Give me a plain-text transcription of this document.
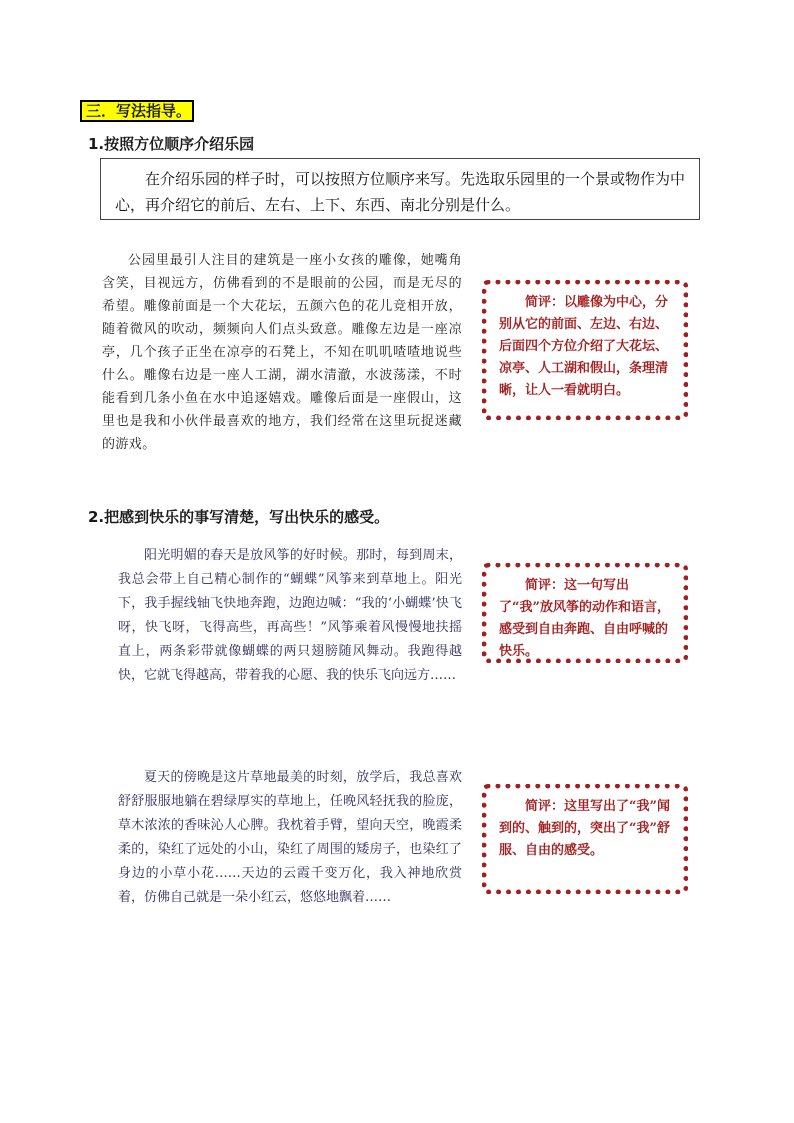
三．写法指导。
1.按照方位顺序介绍乐园
在介绍乐园的样子时，可以按照方位顺序来写。先选取乐园里的一个景或物作为中心，再介绍它的前后、左右、上下、东西、南北分别是什么。
公园里最引人注目的建筑是一座小女孩的雕像，她嘴角含笑，目视远方，仿佛看到的不是眼前的公园，而是无尽的希望。雕像前面是一个大花坛，五颜六色的花儿竞相开放，随着微风的吹动，频频向人们点头致意。雕像左边是一座凉亭，几个孩子正坐在凉亭的石凳上，不知在叽叽喳喳地说些什么。雕像右边是一座人工湖，湖水清澈，水波荡漾，不时能看到几条小鱼在水中追逐嬉戏。雕像后面是一座假山，这里也是我和小伙伴最喜欢的地方，我们经常在这里玩捉迷藏的游戏。
简评：以雕像为中心，分别从它的前面、左边、右边、后面四个方位介绍了大花坛、凉亭、人工湖和假山，条理清晰，让人一看就明白。
2.把感到快乐的事写清楚，写出快乐的感受。
阳光明媚的春天是放风筝的好时候。那时，每到周末，我总会带上自己精心制作的“蝴蝶”风筝来到草地上。阳光下，我手握线轴飞快地奔跑，边跑边喊：“我的‘小蝴蝶’快飞呀，快飞呀，飞得高些，再高些！”风筝乘着风慢慢地扶摇直上，两条彩带就像蝴蝶的两只翅膀随风舞动。我跑得越快，它就飞得越高，带着我的心愿、我的快乐飞向远方……
简评：这一句写出了“我”放风筝的动作和语言，感受到自由奔跑、自由呼喊的快乐。
夏天的傍晚是这片草地最美的时刻，放学后，我总喜欢舒舒服服地躺在碧绿厚实的草地上，任晚风轻抚我的脸庞，草木浓浓的香味沁人心脾。我枕着手臂，望向天空，晚霞柔柔的，染红了远处的小山，染红了周围的矮房子，也染红了身边的小草小花……天边的云霞千变万化，我入神地欣赏着，仿佛自己就是一朵小红云，悠悠地飘着……
简评：这里写出了“我”闻到的、触到的，突出了“我”舒服、自由的感受。
